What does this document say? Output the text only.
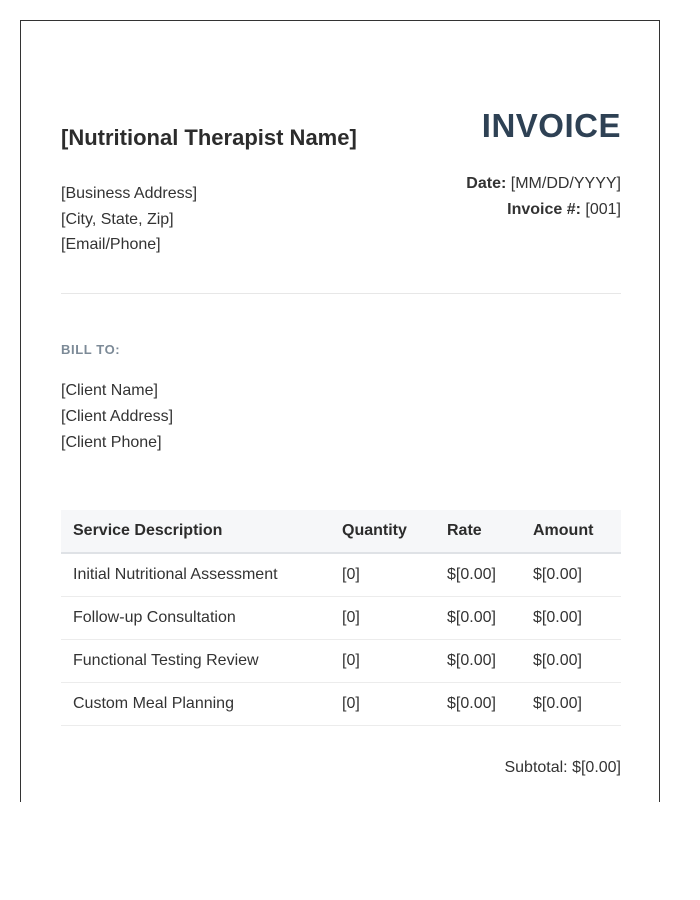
[Nutritional Therapist Name]
[Business Address]
[City, State, Zip]
[Email/Phone]
INVOICE
Date: [MM/DD/YYYY]
Invoice #: [001]
BILL TO:
[Client Name]
[Client Address]
[Client Phone]
Service Description	Quantity	Rate	Amount
Initial Nutritional Assessment	[0]	$[0.00]	$[0.00]
Follow-up Consultation	[0]	$[0.00]	$[0.00]
Functional Testing Review	[0]	$[0.00]	$[0.00]
Custom Meal Planning	[0]	$[0.00]	$[0.00]
Subtotal: $[0.00]
